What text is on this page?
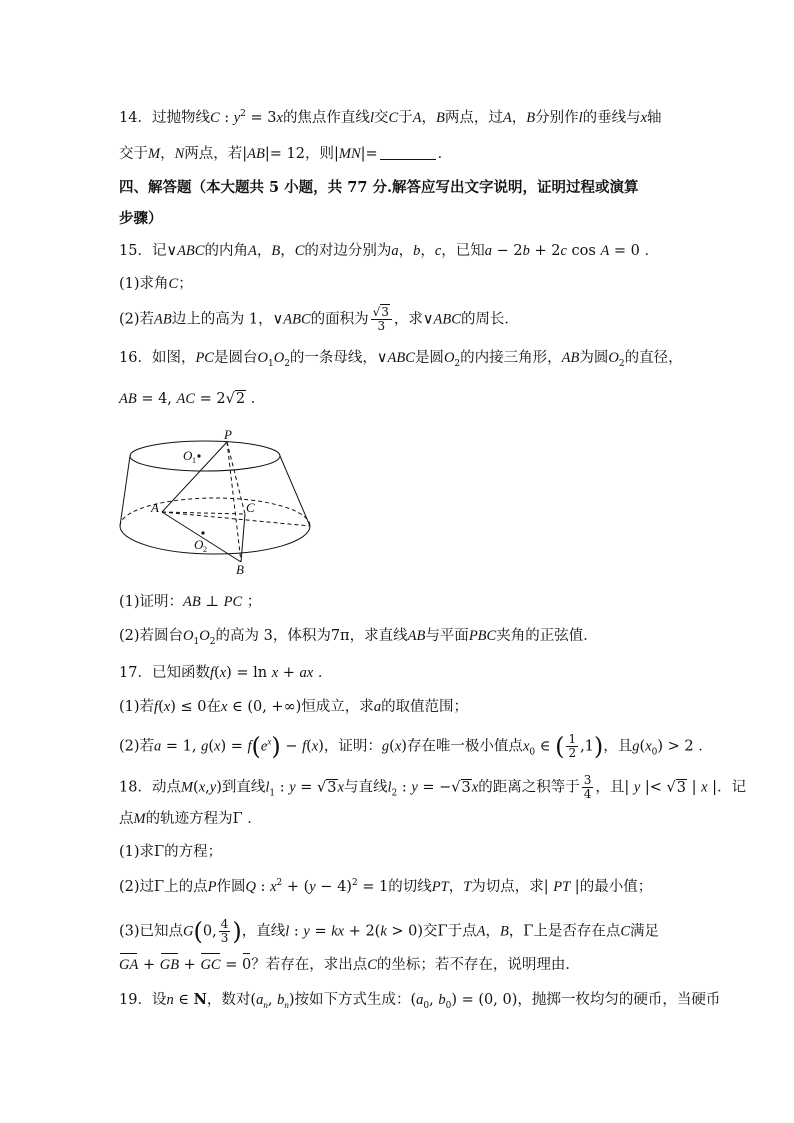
14．过抛物线C : $y^2 = 3x$的焦点作直线l交C于A，B两点，过A，B分别作l的垂线与x轴
交于M，N两点，若|AB|= 12，则|MN|=	．
四、解答题（本大题共 5 小题，共 77 分.解答应写出文字说明，证明过程或演算
步骤）
15．记∨ABC的内角A，B，C的对边分别为a，b，c，已知a − 2b + 2c cos A = 0 ．
(1)求角C；
(2)若AB边上的高为 1，∨ABC的面积为 $\frac{√3}{3}$ ，求∨ABC的周长．
16．如图，PC是圆台$O_1O_2$的一条母线，∨ABC是圆$O_2$的内接三角形，AB为圆$O_2$的直径，
AB = 4, AC = 2√2 ．
P
O 1
A	C
O 2
B
(1)证明：AB ⊥ PC ；
(2)若圆台$O_1O_2$的高为 3，体积为7π，求直线AB与平面PBC夹角的正弦值．
17．已知函数f(x) = ln x + ax ．
(1)若f(x) ≤ 0在x ∈ (0, +∞)恒成立，求a的取值范围；
(2)若a = 1, $g(x) = f(e^x) - f(x)$，证明：g(x)存在唯一极小值点$x_0$ ∈ ( $\frac{1}{2} ,1$)，且$g(x_0) > 2$ ．
18．动点M(x,y)到直线$l_1$ : y = √3x与直线$l_2$ : y = −√3x的距离之积等于 $\frac{3}{4}$ ，且| y |< √3 | x |．记
点M的轨迹方程为Γ ．
(1)求Γ的方程；
(2)过Γ上的点P作圆Q : $x^2 + (y - 4)^2 = 1$的切线PT，T为切点，求| PT |的最小值；
(3)已知点G(0, $\frac{4}{3}$ )，直线l : y = kx + 2(k > 0)交Γ于点A，B，Γ上是否存在点C满足
GA + GB + GC = 0？若存在，求出点C的坐标；若不存在，说明理由．
19．设n ∈ N，数对($a_n$, $b_n$)按如下方式生成：($a_0$, $b_0) = (0$, 0)，抛掷一枚均匀的硬币，当硬币
